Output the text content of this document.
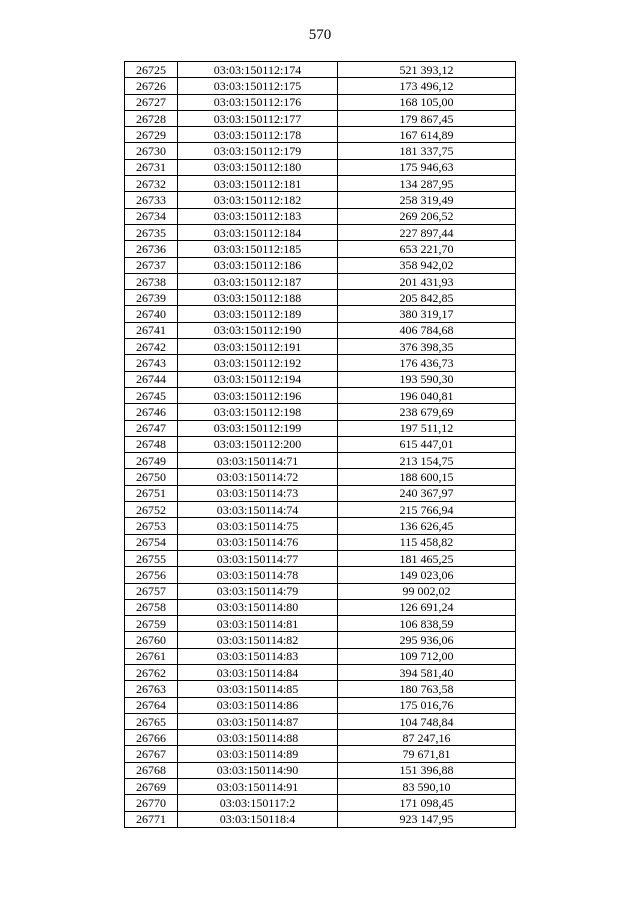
570
26725	03:03:150112:174	521 393,12
26726	03:03:150112:175	173 496,12
26727	03:03:150112:176	168 105,00
26728	03:03:150112:177	179 867,45
26729	03:03:150112:178	167 614,89
26730	03:03:150112:179	181 337,75
26731	03:03:150112:180	175 946,63
26732	03:03:150112:181	134 287,95
26733	03:03:150112:182	258 319,49
26734	03:03:150112:183	269 206,52
26735	03:03:150112:184	227 897,44
26736	03:03:150112:185	653 221,70
26737	03:03:150112:186	358 942,02
26738	03:03:150112:187	201 431,93
26739	03:03:150112:188	205 842,85
26740	03:03:150112:189	380 319,17
26741	03:03:150112:190	406 784,68
26742	03:03:150112:191	376 398,35
26743	03:03:150112:192	176 436,73
26744	03:03:150112:194	193 590,30
26745	03:03:150112:196	196 040,81
26746	03:03:150112:198	238 679,69
26747	03:03:150112:199	197 511,12
26748	03:03:150112:200	615 447,01
26749	03:03:150114:71	213 154,75
26750	03:03:150114:72	188 600,15
26751	03:03:150114:73	240 367,97
26752	03:03:150114:74	215 766,94
26753	03:03:150114:75	136 626,45
26754	03:03:150114:76	115 458,82
26755	03:03:150114:77	181 465,25
26756	03:03:150114:78	149 023,06
26757	03:03:150114:79	99 002,02
26758	03:03:150114:80	126 691,24
26759	03:03:150114:81	106 838,59
26760	03:03:150114:82	295 936,06
26761	03:03:150114:83	109 712,00
26762	03:03:150114:84	394 581,40
26763	03:03:150114:85	180 763,58
26764	03:03:150114:86	175 016,76
26765	03:03:150114:87	104 748,84
26766	03:03:150114:88	87 247,16
26767	03:03:150114:89	79 671,81
26768	03:03:150114:90	151 396,88
26769	03:03:150114:91	83 590,10
26770	03:03:150117:2	171 098,45
26771	03:03:150118:4	923 147,95
